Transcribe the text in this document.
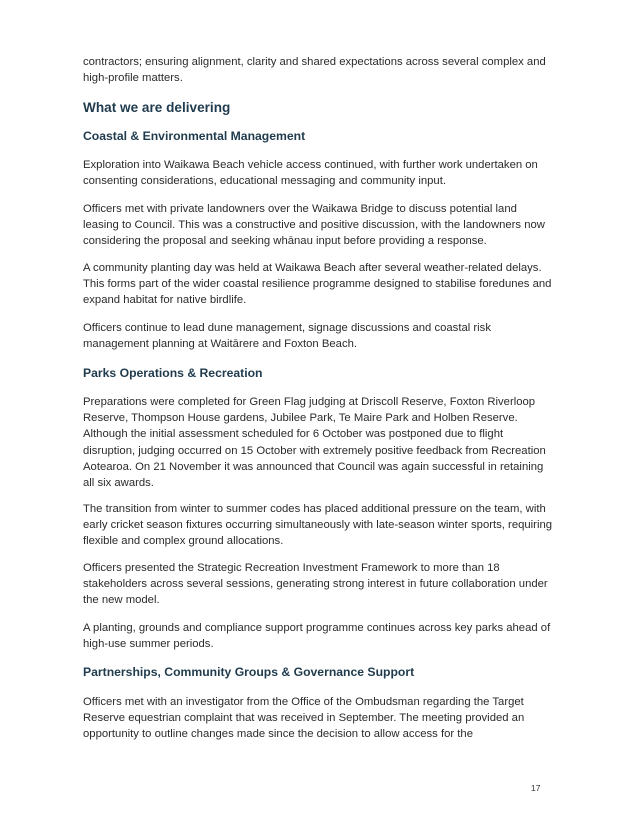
contractors; ensuring alignment, clarity and shared expectations across several complex and high-profile matters.

What we are delivering
Coastal & Environmental Management

Exploration into Waikawa Beach vehicle access continued, with further work undertaken on consenting considerations, educational messaging and community input.

Officers met with private landowners over the Waikawa Bridge to discuss potential land leasing to Council. This was a constructive and positive discussion, with the landowners now considering the proposal and seeking whānau input before providing a response.

A community planting day was held at Waikawa Beach after several weather-related delays. This forms part of the wider coastal resilience programme designed to stabilise foredunes and expand habitat for native birdlife.

Officers continue to lead dune management, signage discussions and coastal risk management planning at Waitārere and Foxton Beach.

Parks Operations & Recreation

Preparations were completed for Green Flag judging at Driscoll Reserve, Foxton Riverloop Reserve, Thompson House gardens, Jubilee Park, Te Maire Park and Holben Reserve. Although the initial assessment scheduled for 6 October was postponed due to flight disruption, judging occurred on 15 October with extremely positive feedback from Recreation Aotearoa. On 21 November it was announced that Council was again successful in retaining all six awards.

The transition from winter to summer codes has placed additional pressure on the team, with early cricket season fixtures occurring simultaneously with late-season winter sports, requiring flexible and complex ground allocations.

Officers presented the Strategic Recreation Investment Framework to more than 18 stakeholders across several sessions, generating strong interest in future collaboration under the new model.

A planting, grounds and compliance support programme continues across key parks ahead of high-use summer periods.

Partnerships, Community Groups & Governance Support

Officers met with an investigator from the Office of the Ombudsman regarding the Target Reserve equestrian complaint that was received in September. The meeting provided an opportunity to outline changes made since the decision to allow access for the

17
